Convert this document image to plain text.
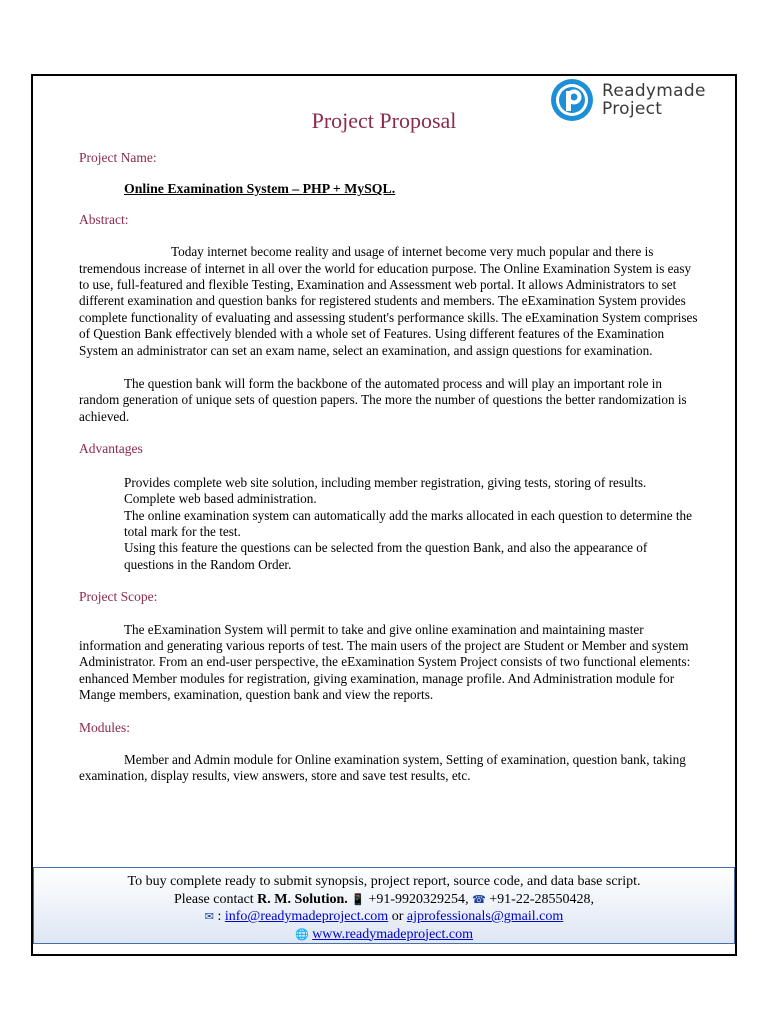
Readymade
Project
Project Proposal
Project Name:
Online Examination System – PHP + MySQL.
Abstract:

Today internet become reality and usage of internet become very much popular and there is tremendous increase of internet in all over the world for education purpose. The Online Examination System is easy to use, full-featured and flexible Testing, Examination and Assessment web portal. It allows Administrators to set different examination and question banks for registered students and members. The eExamination System provides complete functionality of evaluating and assessing student's performance skills. The eExamination System comprises of Question Bank effectively blended with a whole set of Features. Using different features of the Examination System an administrator can set an exam name, select an examination, and assign questions for examination.

The question bank will form the backbone of the automated process and will play an important role in random generation of unique sets of question papers. The more the number of questions the better randomization is achieved.

Advantages

Provides complete web site solution, including member registration, giving tests, storing of results. Complete web based administration.

The online examination system can automatically add the marks allocated in each question to determine the total mark for the test.

Using this feature the questions can be selected from the question Bank, and also the appearance of questions in the Random Order.

Project Scope:

The eExamination System will permit to take and give online examination and maintaining master information and generating various reports of test. The main users of the project are Student or Member and system Administrator. From an end-user perspective, the eExamination System Project consists of two functional elements: enhanced Member modules for registration, giving examination, manage profile. And Administration module for Mange members, examination, question bank and view the reports.

Modules:

Member and Admin module for Online examination system, Setting of examination, question bank, taking examination, display results, view answers, store and save test results, etc.

To buy complete ready to submit synopsis, project report, source code, and data base script.
Please contact R. M. Solution. 📱 +91-9920329254, ☎ +91-22-28550428,
✉ : info@readymadeproject.com or ajprofessionals@gmail.com
🌐 www.readymadeproject.com
